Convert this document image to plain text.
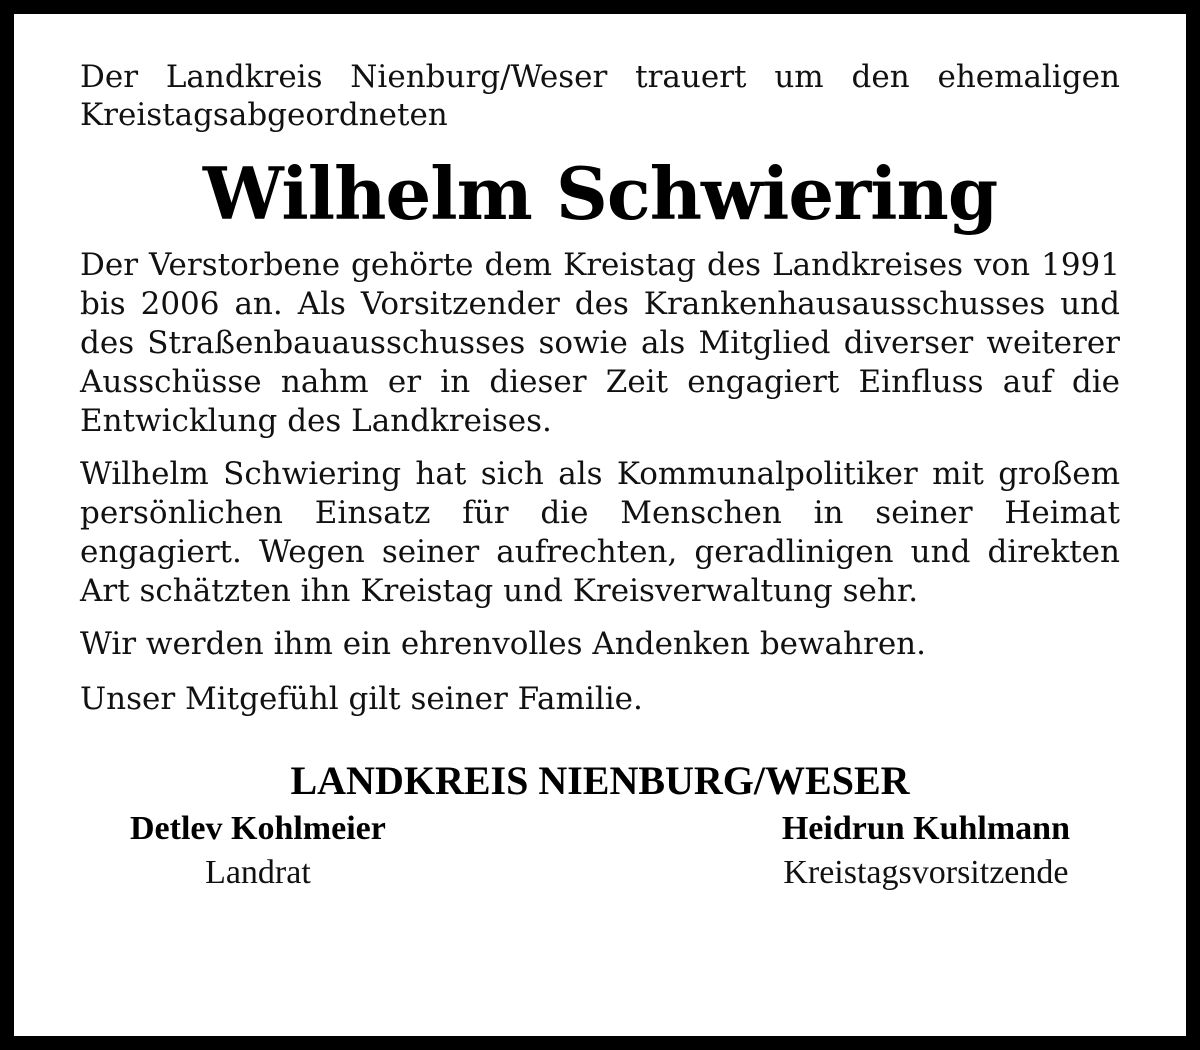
Der Landkreis Nienburg/Weser trauert um den ehemaligen Kreistagsabgeordneten

Wilhelm Schwiering

Der Verstorbene gehörte dem Kreistag des Landkreises von 1991 bis 2006 an. Als Vorsitzender des Krankenhausausschusses und des Straßenbauausschusses sowie als Mitglied diverser weiterer Ausschüsse nahm er in dieser Zeit engagiert Einfluss auf die Entwicklung des Landkreises.

Wilhelm Schwiering hat sich als Kommunalpolitiker mit großem persönlichen Einsatz für die Menschen in seiner Heimat engagiert. Wegen seiner aufrechten, geradlinigen und direkten Art schätzten ihn Kreistag und Kreisverwaltung sehr.

Wir werden ihm ein ehrenvolles Andenken bewahren.

Unser Mitgefühl gilt seiner Familie.

LANDKREIS NIENBURG/WESER
Detlev Kohlmeier
Landrat
Heidrun Kuhlmann
Kreistagsvorsitzende
